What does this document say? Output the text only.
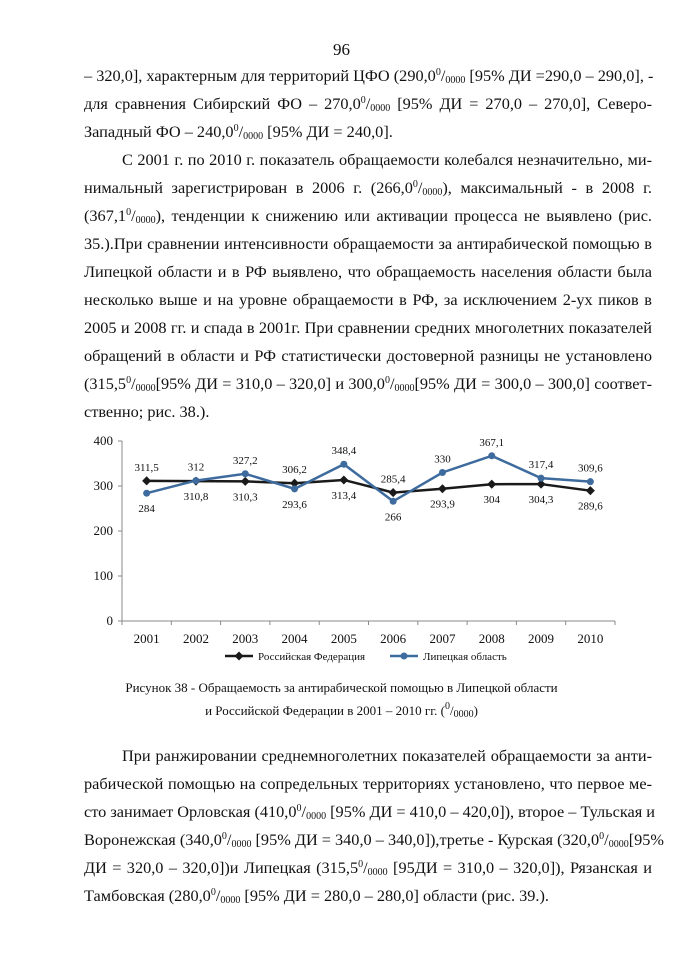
96
– 320,0], характерным для территорий ЦФО ($290,0^0/_{0000}$ [95% ДИ =290,0 – 290,0], -
для сравнения Сибирский ФО – $270,0^0/_{0000}$ [95% ДИ = 270,0 – 270,0], Северо-
Западный ФО – $240,0^0/_{0000}$ [95% ДИ = 240,0].
С 2001 г. по 2010 г. показатель обращаемости колебался незначительно, ми-
нимальный зарегистрирован в 2006 г. $(266,0^0/_{0000})$, максимальный - в 2008 г.
$(367,1^0/_{0000})$, тенденции к снижению или активации процесса не выявлено (рис.
35.).При сравнении интенсивности обращаемости за антирабической помощью в
Липецкой области и в РФ выявлено, что обращаемость населения области была
несколько выше и на уровне обращаемости в РФ, за исключением 2-ух пиков в
2005 и 2008 гг. и спада в 2001г. При сравнении средних многолетних показателей
обращений в области и РФ статистически достоверной разницы не установлено
($315,5^0/_{0000}[95\%$ ДИ = 310,0 – 320,0] и $300,0^0/_{0000}[95\%$ ДИ = 300,0 – 300,0] соответ-
ственно; рис. 38.).
0
100
200
300
400
2001 2002 2003 2004 2005 2006 2007 2008 2009 2010
311,5
310,8 310,3
306,2
313,4
285,4
293,9	304	304,3
289,6
284
312
327,2
293,6
348,4
266
330
367,1
317,4 309,6
Российская Федерация	Липецкая область
Рисунок 38 - Обращаемость за антирабической помощью в Липецкой области
и Российской Федерации в 2001 – 2010 гг. $(^0/_{0000})$
При ранжировании среднемноголетних показателей обращаемости за анти-
рабической помощью на сопредельных территориях установлено, что первое ме-
сто занимает Орловская ($410,0^0/_{0000}$ [95% ДИ = 410,0 – 420,0]), второе – Тульская и
Воронежская ($340,0^0/_{0000}$ [95% ДИ = 340,0 – 340,0]),третье - Курская ($320,0^0/_{0000}[95\%$
ДИ = 320,0 – 320,0])и Липецкая ($315,5^0/_{0000}$ [95ДИ = 310,0 – 320,0]), Рязанская и
Тамбовская ($280,0^0/_{0000}$ [95% ДИ = 280,0 – 280,0] области (рис. 39.).
